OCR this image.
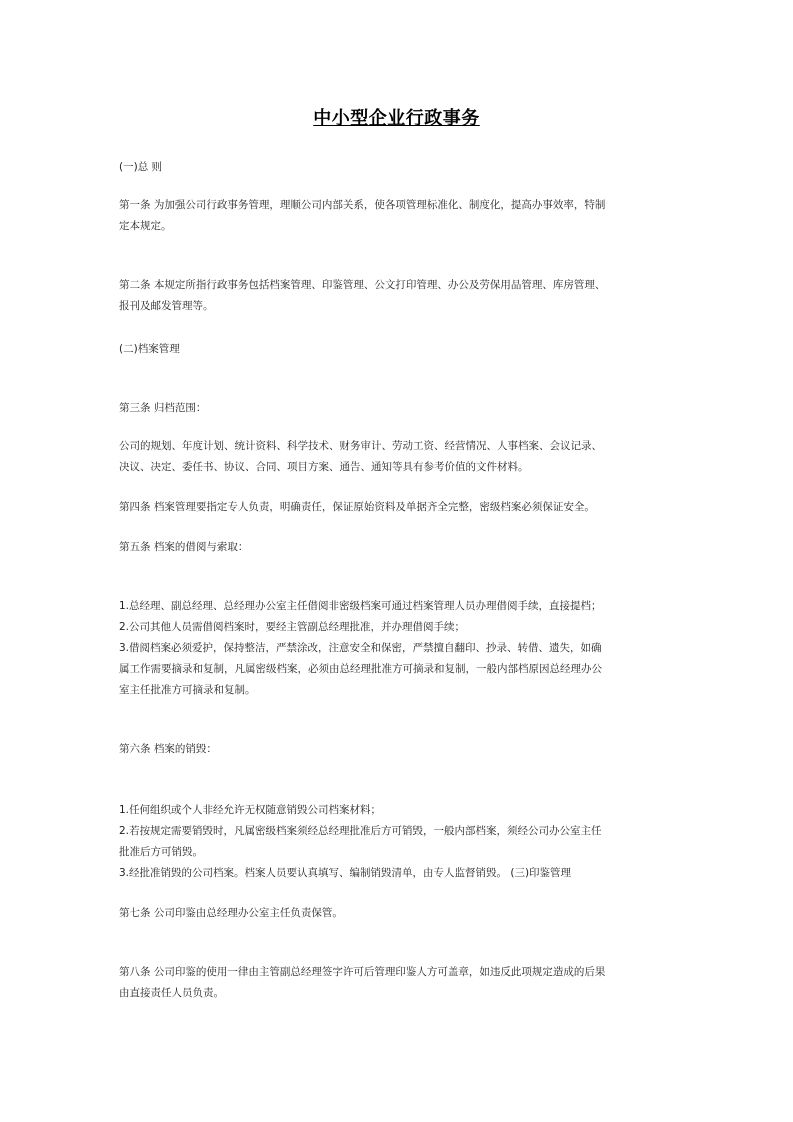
中小型企业行政事务

(一)总 则

第一条 为加强公司行政事务管理，理顺公司内部关系，使各项管理标准化、制度化，提高办事效率，特制
定本规定。

第二条 本规定所指行政事务包括档案管理、印鉴管理、公文打印管理、办公及劳保用品管理、库房管理、
报刊及邮发管理等。

(二)档案管理

第三条 归档范围：

公司的规划、年度计划、统计资料、科学技术、财务审计、劳动工资、经营情况、人事档案、会议记录、
决议、决定、委任书、协议、合同、项目方案、通告、通知等具有参考价值的文件材料。

第四条 档案管理要指定专人负责，明确责任，保证原始资料及单据齐全完整，密级档案必须保证安全。

第五条 档案的借阅与索取：

1.总经理、副总经理、总经理办公室主任借阅非密级档案可通过档案管理人员办理借阅手续，直接提档；
2.公司其他人员需借阅档案时，要经主管副总经理批准，并办理借阅手续；
3.借阅档案必须爱护，保持整洁，严禁涂改，注意安全和保密，严禁擅自翻印、抄录、转借、遗失，如确
属工作需要摘录和复制，凡属密级档案，必须由总经理批准方可摘录和复制，一般内部档原因总经理办公
室主任批准方可摘录和复制。

第六条 档案的销毁：

1.任何组织或个人非经允许无权随意销毁公司档案材料；
2.若按规定需要销毁时，凡属密级档案须经总经理批准后方可销毁，一般内部档案，须经公司办公室主任
批准后方可销毁。
3.经批准销毁的公司档案。档案人员要认真填写、编制销毁清单，由专人监督销毁。 (三)印鉴管理

第七条 公司印鉴由总经理办公室主任负责保管。

第八条 公司印鉴的使用一律由主管副总经理签字许可后管理印鉴人方可盖章，如违反此项规定造成的后果
由直接责任人员负责。
